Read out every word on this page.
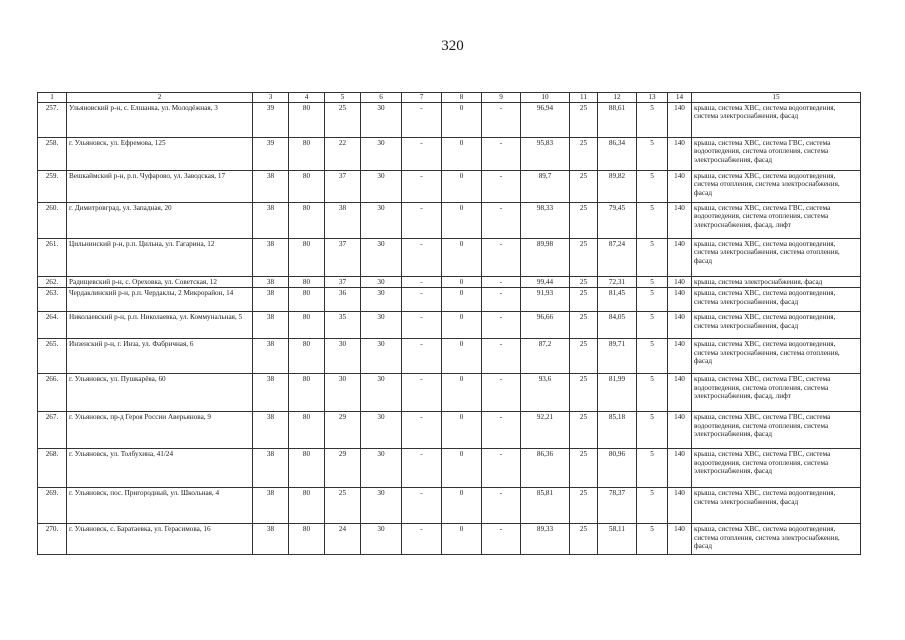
320
1	2	3	4	5	6	7	8	9	10	11	12	13	14	15
257.	Ульяновский р-н, с. Елшанка, ул. Молодёжная, 3	39	80	25	30	-	0	-	96,94	25	88,61	5	140	крыша, система ХВС, система водоотведения, система электроснабжения, фасад
258.	г. Ульяновск, ул. Ефремова, 125	39	80	22	30	-	0	-	95,83	25	86,34	5	140	крыша, система ХВС, система ГВС, система водоотведения, система отопления, система электроснабжения, фасад
259.	Вешкаймский р-н, р.п. Чуфарово, ул. Заводская, 17	38	80	37	30	-	0	-	89,7	25	89,82	5	140	крыша, система ХВС, система водоотведения, система отопления, система электроснабжения, фасад
260.	г. Димитровград, ул. Западная, 20	38	80	38	30	-	0	-	98,33	25	79,45	5	140	крыша, система ХВС, система ГВС, система водоотведения, система отопления, система электроснабжения, фасад, лифт
261.	Цильнинский р-н, р.п. Цильна, ул. Гагарина, 12	38	80	37	30	-	0	-	89,98	25	87,24	5	140	крыша, система ХВС, система водоотведения, система электроснабжения, система отопления, фасад
262.	Радищевский р-н, с. Ореховка, ул. Советская, 12	38	80	37	30	-	0	-	99,44	25	72,31	5	140	крыша, система электроснабжения, фасад
263.	Чердаклинский р-н, р.п. Чердаклы, 2 Микрорайон, 14	38	80	36	30	-	0	-	91,93	25	81,45	5	140	крыша, система ХВС, система водоотведения, система электроснабжения, фасад
264.	Николаевский р-н, р.п. Николаевка, ул. Коммунальная, 5	38	80	35	30	-	0	-	96,66	25	84,05	5	140	крыша, система ХВС, система водоотведения, система электроснабжения, фасад
265.	Инзенский р-н, г. Инза, ул. Фабричная, 6	38	80	30	30	-	0	-	87,2	25	89,71	5	140	крыша, система ХВС, система водоотведения, система электроснабжения, система отопления, фасад
266.	г. Ульяновск, ул. Пушкарёва, 60	38	80	30	30	-	0	-	93,6	25	81,99	5	140	крыша, система ХВС, система ГВС, система водоотведения, система отопления, система электроснабжения, фасад, лифт
267.	г. Ульяновск, пр-д Героя России Аверьянова, 9	38	80	29	30	-	0	-	92,21	25	85,18	5	140	крыша, система ХВС, система ГВС, система водоотведения, система отопления, система электроснабжения, фасад
268.	г. Ульяновск, ул. Толбухина, 41/24	38	80	29	30	-	0	-	86,36	25	80,96	5	140	крыша, система ХВС, система ГВС, система водоотведения, система отопления, система электроснабжения, фасад
269.	г. Ульяновск, пос. Пригородный, ул. Школьная, 4	38	80	25	30	-	0	-	85,81	25	78,37	5	140	крыша, система ХВС, система водоотведения, система электроснабжения, фасад
270.	г. Ульяновск, с. Баратаевка, ул. Герасимова, 16	38	80	24	30	-	0	-	89,33	25	58,11	5	140	крыша, система ХВС, система водоотведения, система отопления, система электроснабжения, фасад
